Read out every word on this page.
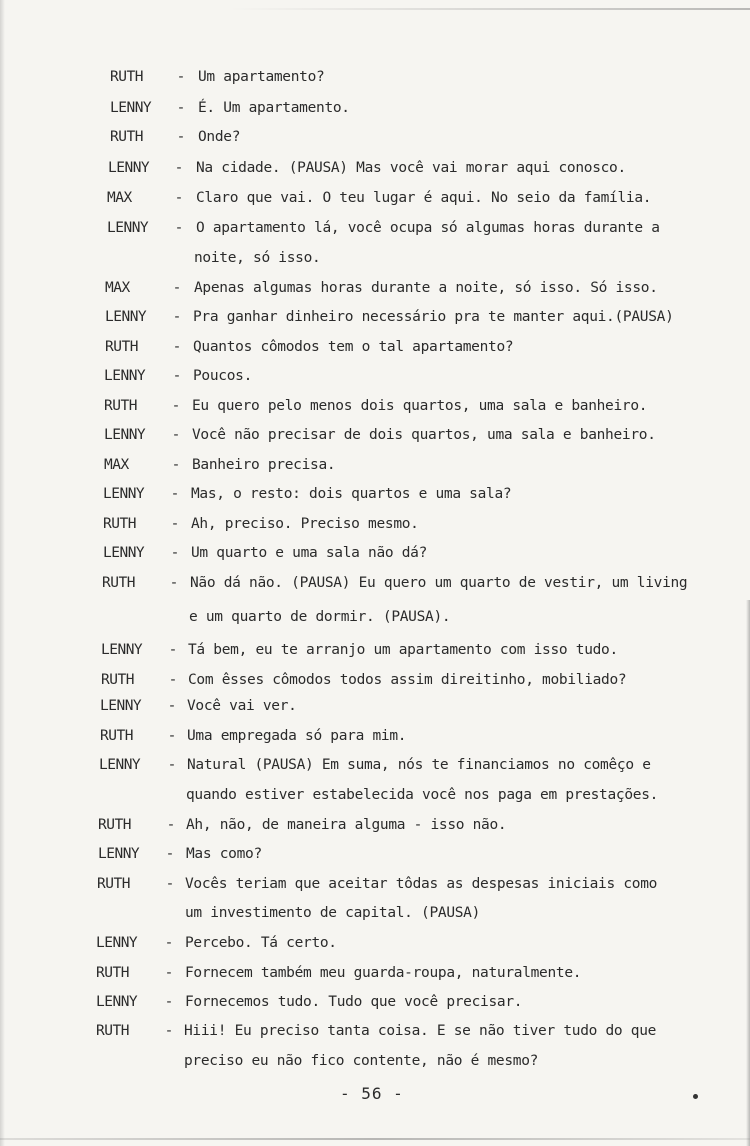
RUTH	- Um apartamento?
LENNY	- É. Um apartamento.
RUTH	- Onde?
LENNY	- Na cidade. (PAUSA) Mas você vai morar aqui conosco.
MAX	- Claro que vai. O teu lugar é aqui. No seio da família.
LENNY	- O apartamento lá, você ocupa só algumas horas durante a
noite, só isso.
MAX	- Apenas algumas horas durante a noite, só isso. Só isso.
LENNY	- Pra ganhar dinheiro necessário pra te manter aqui.(PAUSA)
RUTH	- Quantos cômodos tem o tal apartamento?
LENNY	- Poucos.
RUTH	- Eu quero pelo menos dois quartos, uma sala e banheiro.
LENNY	- Você não precisar de dois quartos, uma sala e banheiro.
MAX	- Banheiro precisa.
LENNY	- Mas, o resto: dois quartos e uma sala?
RUTH	- Ah, preciso. Preciso mesmo.
LENNY	- Um quarto e uma sala não dá?
RUTH	- Não dá não. (PAUSA) Eu quero um quarto de vestir, um living
e um quarto de dormir. (PAUSA).
LENNY	- Tá bem, eu te arranjo um apartamento com isso tudo.
RUTH	- Com êsses cômodos todos assim direitinho, mobiliado?
LENNY	- Você vai ver.
RUTH	- Uma empregada só para mim.
LENNY	- Natural (PAUSA) Em suma, nós te financiamos no comêço e
quando estiver estabelecida você nos paga em prestações.
RUTH	- Ah, não, de maneira alguma - isso não.
LENNY	- Mas como?
RUTH	- Vocês teriam que aceitar tôdas as despesas iniciais como
um investimento de capital. (PAUSA)
LENNY	- Percebo. Tá certo.
RUTH	- Fornecem também meu guarda-roupa, naturalmente.
LENNY	- Fornecemos tudo. Tudo que você precisar.
RUTH	- Hiii! Eu preciso tanta coisa. E se não tiver tudo do que
preciso eu não fico contente, não é mesmo?
- 56 -
